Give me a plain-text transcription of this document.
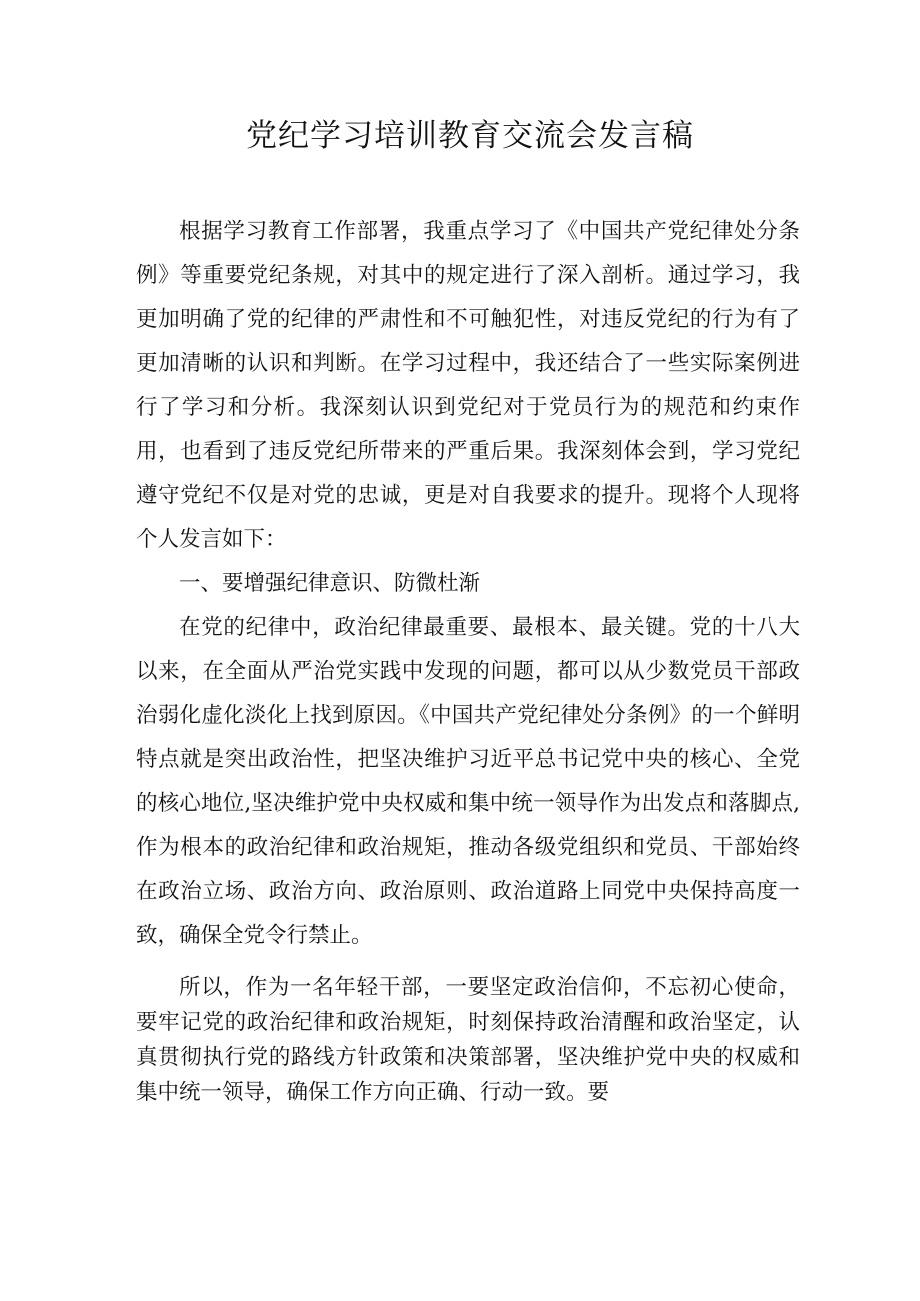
党纪学习培训教育交流会发言稿

根据学习教育工作部署，我重点学习了《中国共产党纪律处分条例》等重要党纪条规，对其中的规定进行了深入剖析。通过学习，我更加明确了党的纪律的严肃性和不可触犯性，对违反党纪的行为有了更加清晰的认识和判断。在学习过程中，我还结合了一些实际案例进行了学习和分析。我深刻认识到党纪对于党员行为的规范和约束作用，也看到了违反党纪所带来的严重后果。我深刻体会到，学习党纪遵守党纪不仅是对党的忠诚，更是对自我要求的提升。现将个人现将个人发言如下：

一、要增强纪律意识、防微杜渐

在党的纪律中，政治纪律最重要、最根本、最关键。党的十八大以来，在全面从严治党实践中发现的问题，都可以从少数党员干部政治弱化虚化淡化上找到原因。《中国共产党纪律处分条例》的一个鲜明特点就是突出政治性，把坚决维护习近平总书记党中央的核心、全党的核心地位,坚决维护党中央权威和集中统一领导作为出发点和落脚点,作为根本的政治纪律和政治规矩，推动各级党组织和党员、干部始终在政治立场、政治方向、政治原则、政治道路上同党中央保持高度一致，确保全党令行禁止。

所以，作为一名年轻干部，一要坚定政治信仰，不忘初心使命，要牢记党的政治纪律和政治规矩，时刻保持政治清醒和政治坚定，认真贯彻执行党的路线方针政策和决策部署，坚决维护党中央的权威和集中统一领导，确保工作方向正确、行动一致。要
